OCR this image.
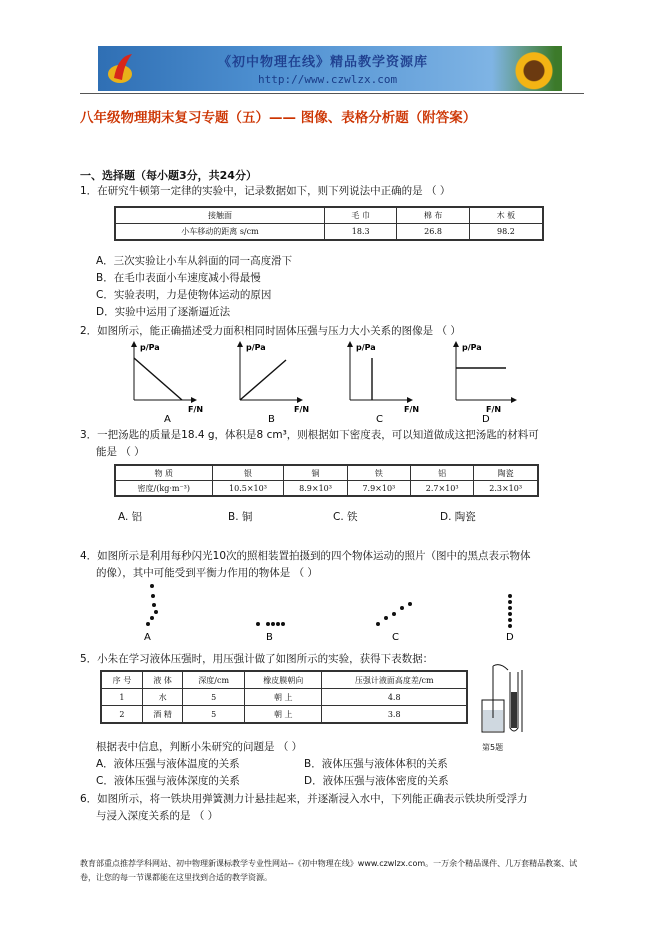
《初中物理在线》精品教学资源库
http://www.czwlzx.com
八年级物理期末复习专题（五）—— 图像、表格分析题（附答案）
一、选择题（每小题3分，共24分）
1．在研究牛顿第一定律的实验中，记录数据如下，则下列说法中正确的是 （ ）
接触面	毛 巾	棉 布	木 板
小车移动的距离 s/cm	18.3	26.8	98.2
A．三次实验让小车从斜面的同一高度滑下
B．在毛巾表面小车速度减小得最慢
C．实验表明，力是使物体运动的原因
D．实验中运用了逐渐逼近法
2．如图所示，能正确描述受力面积相同时固体压强与压力大小关系的图像是 （ ）
p/Pa
F/N
A
p/Pa
F/N
B
p/Pa
F/N
C
p/Pa
F/N
D
3．一把汤匙的质量是18.4 g，体积是8 cm³，则根据如下密度表，可以知道做成这把汤匙的材料可
能是 （ ）
物 质	银	铜	铁	铝	陶瓷
密度/(kg·m⁻³)	10.5×10³	8.9×10³	7.9×10³	2.7×10³	2.3×10³
A. 铝	B. 铜	C. 铁	D. 陶瓷
4．如图所示是利用每秒闪光10次的照相装置拍摄到的四个物体运动的照片（图中的黑点表示物体
的像），其中可能受到平衡力作用的物体是 （ ）
A	B	C	D
5．小朱在学习液体压强时，用压强计做了如图所示的实验，获得下表数据：
序 号	液 体	深度/cm	橡皮膜朝向	压强计液面高度差/cm
1	水	5	朝 上	4.8
2	酒 精	5	朝 上	3.8
第5题
根据表中信息，判断小朱研究的问题是 （ ）
A．液体压强与液体温度的关系	B．液体压强与液体体积的关系
C．液体压强与液体深度的关系	D．液体压强与液体密度的关系
6．如图所示，将一铁块用弹簧测力计悬挂起来，并逐渐浸入水中，下列能正确表示铁块所受浮力
与浸入深度关系的是 （ ）
教育部重点推荐学科网站、初中物理新课标教学专业性网站--《初中物理在线》www.czwlzx.com。一万余个精品课件、几万套精品教案、试卷，让您的每一节课都能在这里找到合适的教学资源。
